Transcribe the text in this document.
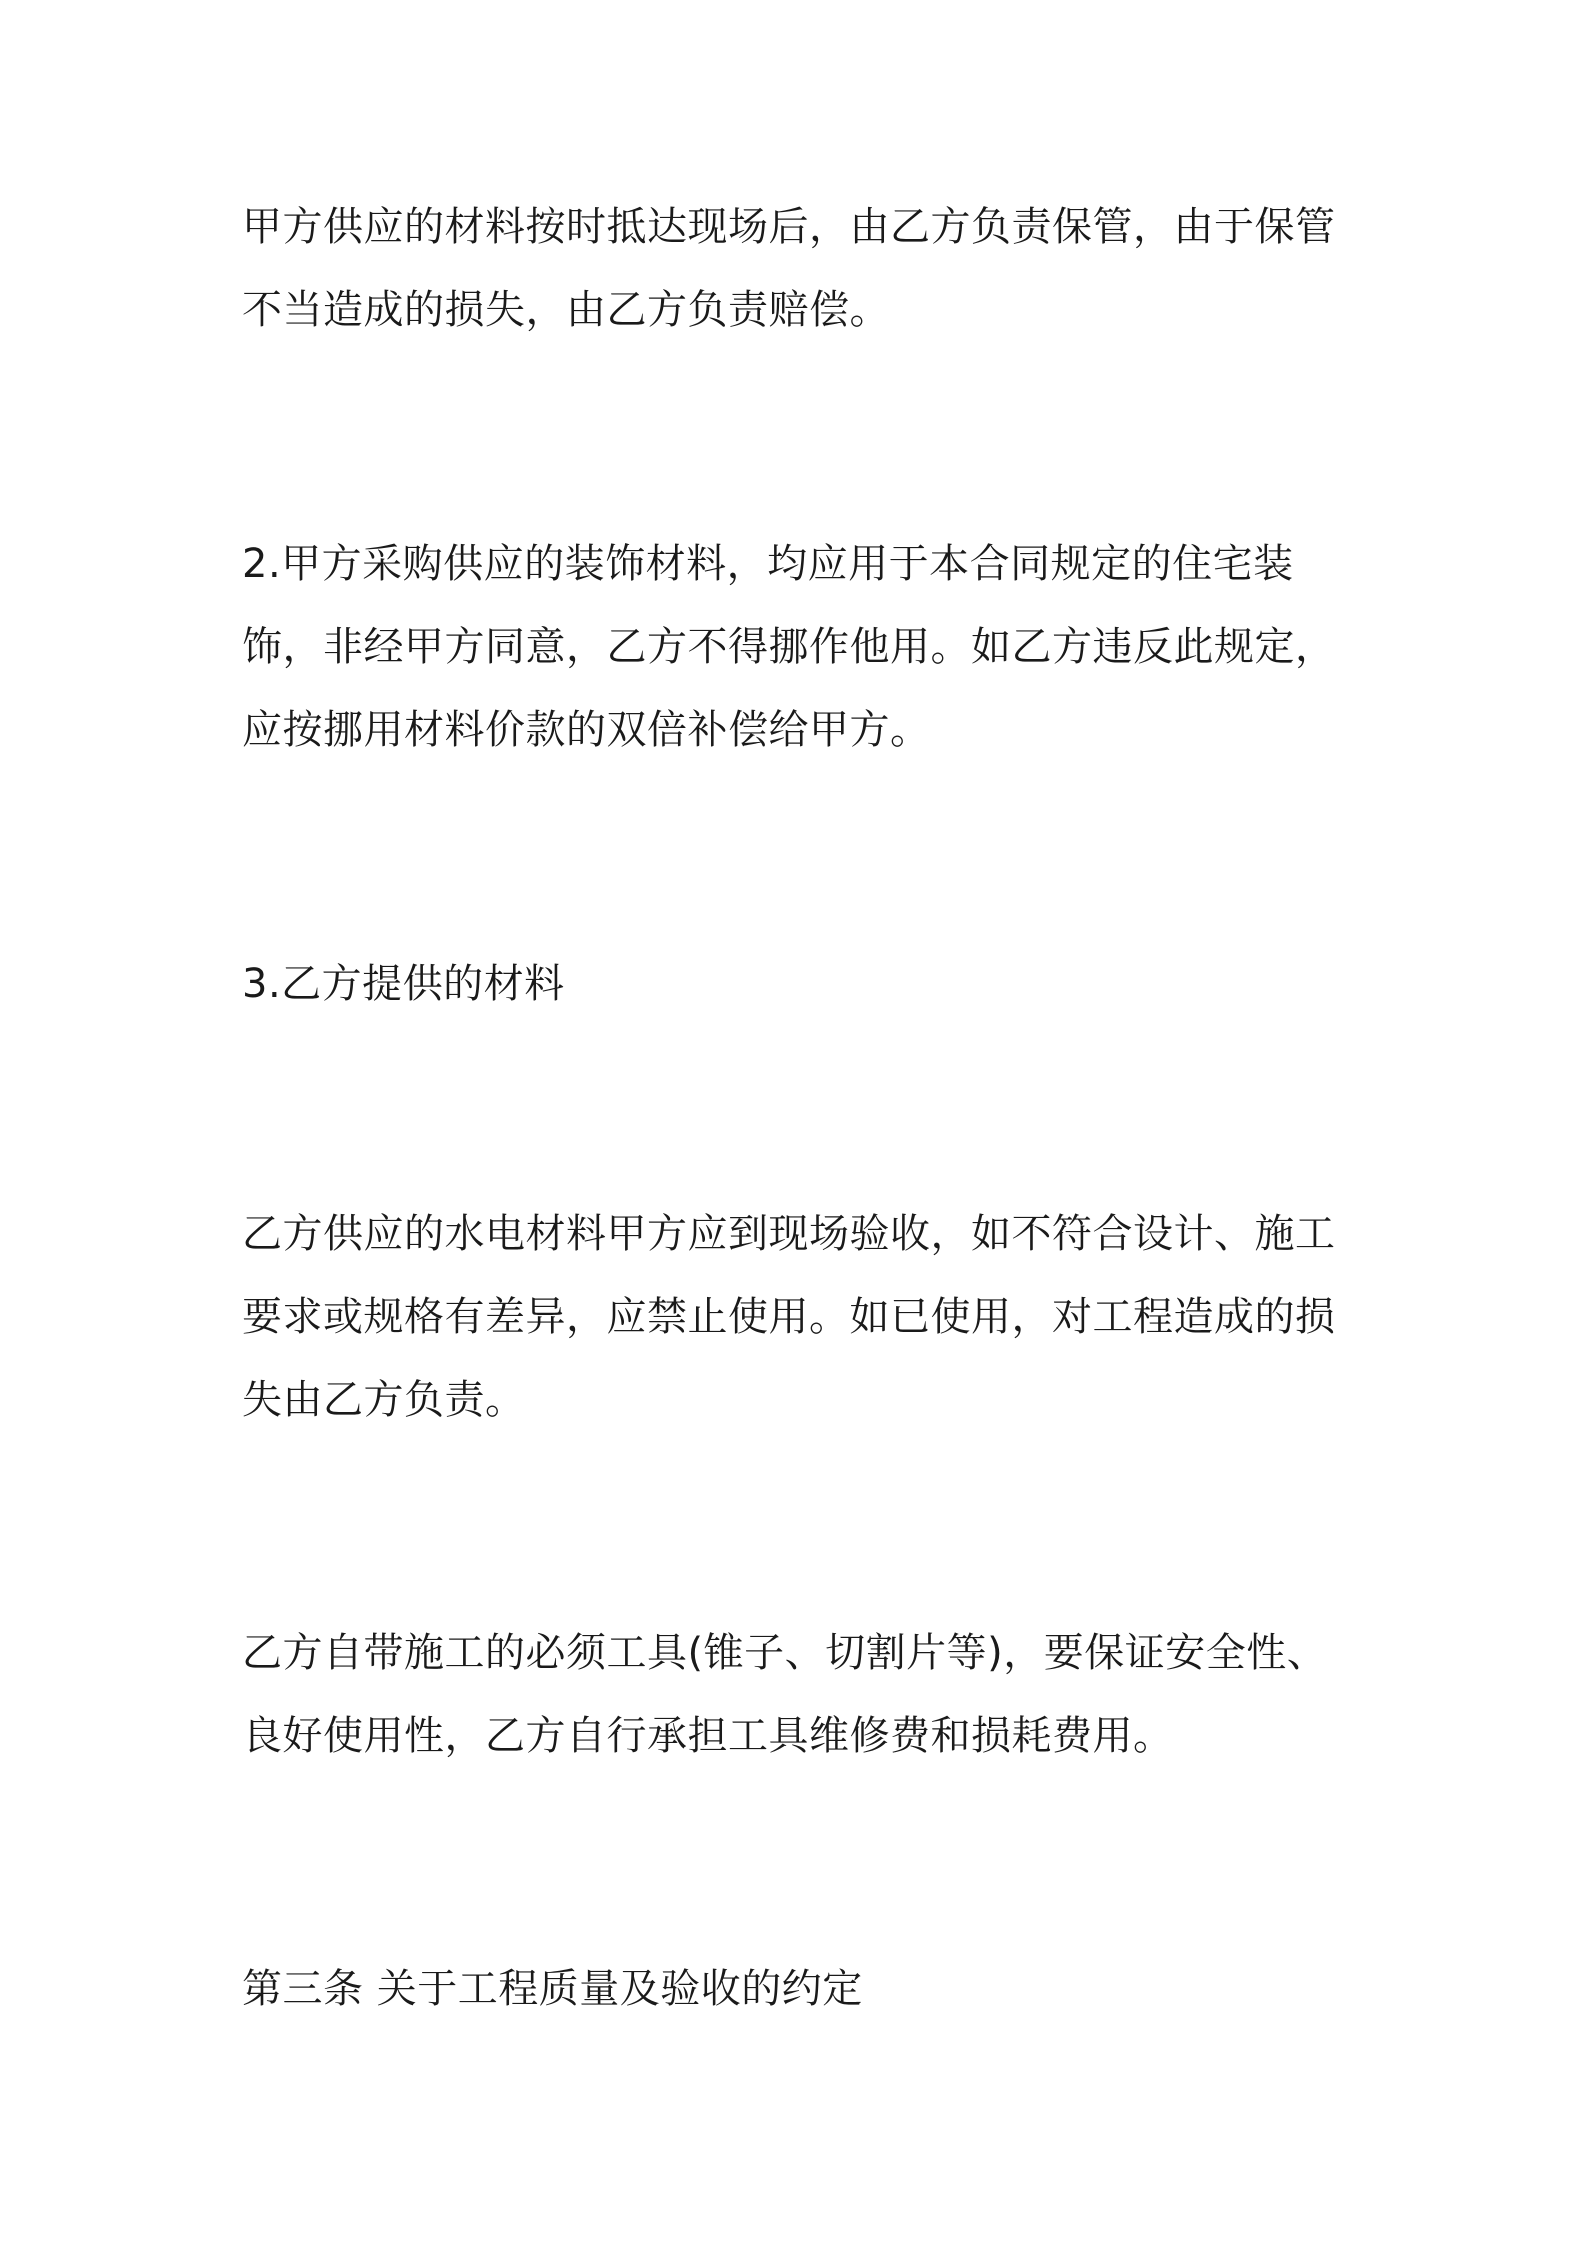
甲方供应的材料按时抵达现场后，由乙方负责保管，由于保管不当造成的损失，由乙方负责赔偿。

2.甲方采购供应的装饰材料，均应用于本合同规定的住宅装饰，非经甲方同意，乙方不得挪作他用。如乙方违反此规定，应按挪用材料价款的双倍补偿给甲方。

3.乙方提供的材料

乙方供应的水电材料甲方应到现场验收，如不符合设计、施工要求或规格有差异，应禁止使用。如已使用，对工程造成的损失由乙方负责。

乙方自带施工的必须工具(锥子、切割片等)，要保证安全性、良好使用性，乙方自行承担工具维修费和损耗费用。

第三条 关于工程质量及验收的约定
